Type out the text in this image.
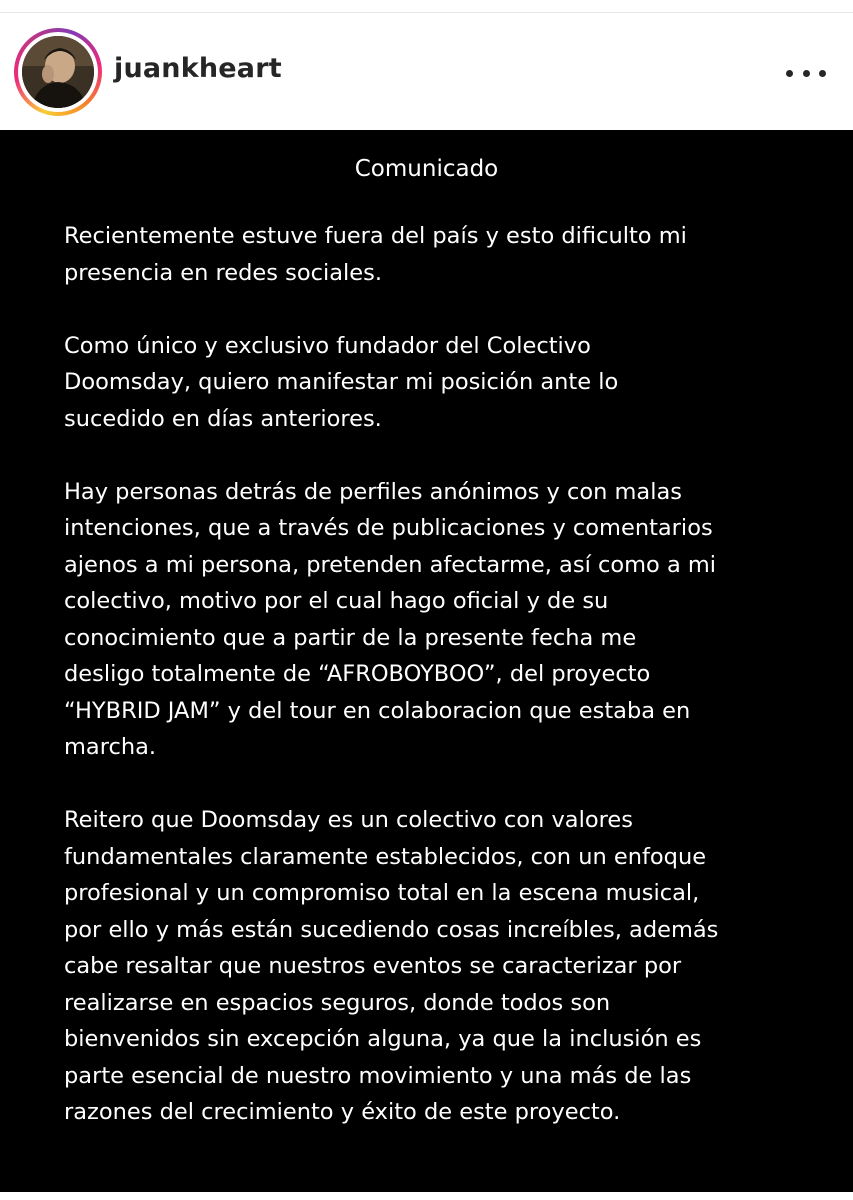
juankheart
Comunicado
Recientemente estuve fuera del país y esto dificulto mi
presencia en redes sociales.
Como único y exclusivo fundador del Colectivo
Doomsday, quiero manifestar mi posición ante lo
sucedido en días anteriores.
Hay personas detrás de perfiles anónimos y con malas
intenciones, que a través de publicaciones y comentarios
ajenos a mi persona, pretenden afectarme, así como a mi
colectivo, motivo por el cual hago oficial y de su
conocimiento que a partir de la presente fecha me
desligo totalmente de “AFROBOYBOO”, del proyecto
“HYBRID JAM” y del tour en colaboracion que estaba en
marcha.
Reitero que Doomsday es un colectivo con valores
fundamentales claramente establecidos, con un enfoque
profesional y un compromiso total en la escena musical,
por ello y más están sucediendo cosas increíbles, además
cabe resaltar que nuestros eventos se caracterizar por
realizarse en espacios seguros, donde todos son
bienvenidos sin excepción alguna, ya que la inclusión es
parte esencial de nuestro movimiento y una más de las
razones del crecimiento y éxito de este proyecto.
